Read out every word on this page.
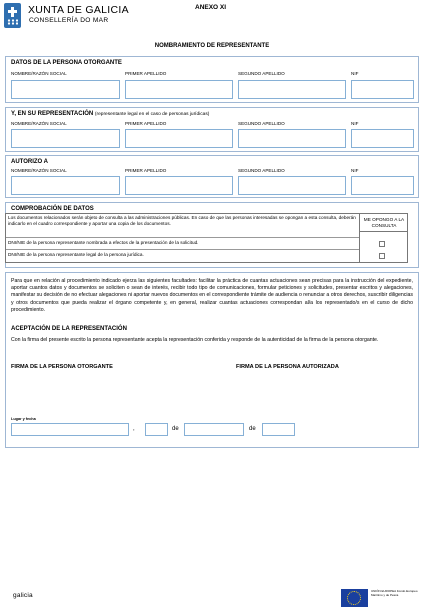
XUNTA DE GALICIA
CONSELLERÍA DO MAR
ANEXO XI
NOMBRAMIENTO DE REPRESENTANTE
DATOS DE LA PERSONA OTORGANTE
NOMBRE/RAZÓN SOCIAL	PRIMER APELLIDO	SEGUNDO APELLIDO	NIF
Y, EN SU REPRESENTACIÓN (representante legal en el caso de personas jurídicas)
NOMBRE/RAZÓN SOCIAL	PRIMER APELLIDO	SEGUNDO APELLIDO	NIF
AUTORIZO A
NOMBRE/RAZÓN SOCIAL	PRIMER APELLIDO	SEGUNDO APELLIDO	NIF
COMPROBACIÓN DE DATOS
Los documentos relacionados serán objeto de consulta a las administraciones públicas. En caso de que las personas interesadas se opongan a esta consulta, deberán indicarlo en el cuadro correspondiente y aportar una copia de los documentos.
ME OPONGO A LA CONSULTA
DNI/NIE de la persona representante nombrada a efectos de la presentación de la solicitud.
DNI/NIE de la persona representante legal de la persona jurídica.
Para que en relación al procedimiento indicado ejerza las siguientes facultades: facilitar la práctica de cuantas actuaciones sean precisas para la instrucción del expediente, aportar cuantos datos y documentos se soliciten o sean de interés, recibir todo tipo de comunicaciones, formular peticiones y solicitudes, presentar escritos y alegaciones, manifestar su decisión de no efectuar alegaciones ni aportar nuevos documentos en el correspondiente trámite de audiencia o renunciar a otros derechos, suscribir diligencias y otros documentos que pueda realizar el órgano competente y, en general, realizar cuantas actuaciones correspondan al/a los representado/s en el curso de dicho procedimiento.
ACEPTACIÓN DE LA REPRESENTACIÓN
Con la firma del presente escrito la persona representante acepta la representación conferida y responde de la autenticidad de la firma de la persona otorgante.
FIRMA DE LA PERSONA OTORGANTE	FIRMA DE LA PERSONA AUTORIZADA
Lugar y fecha
,	de	de
galicia
UNIÓN EUROPEA Fondo Europeo Marítimo y de Pesca
